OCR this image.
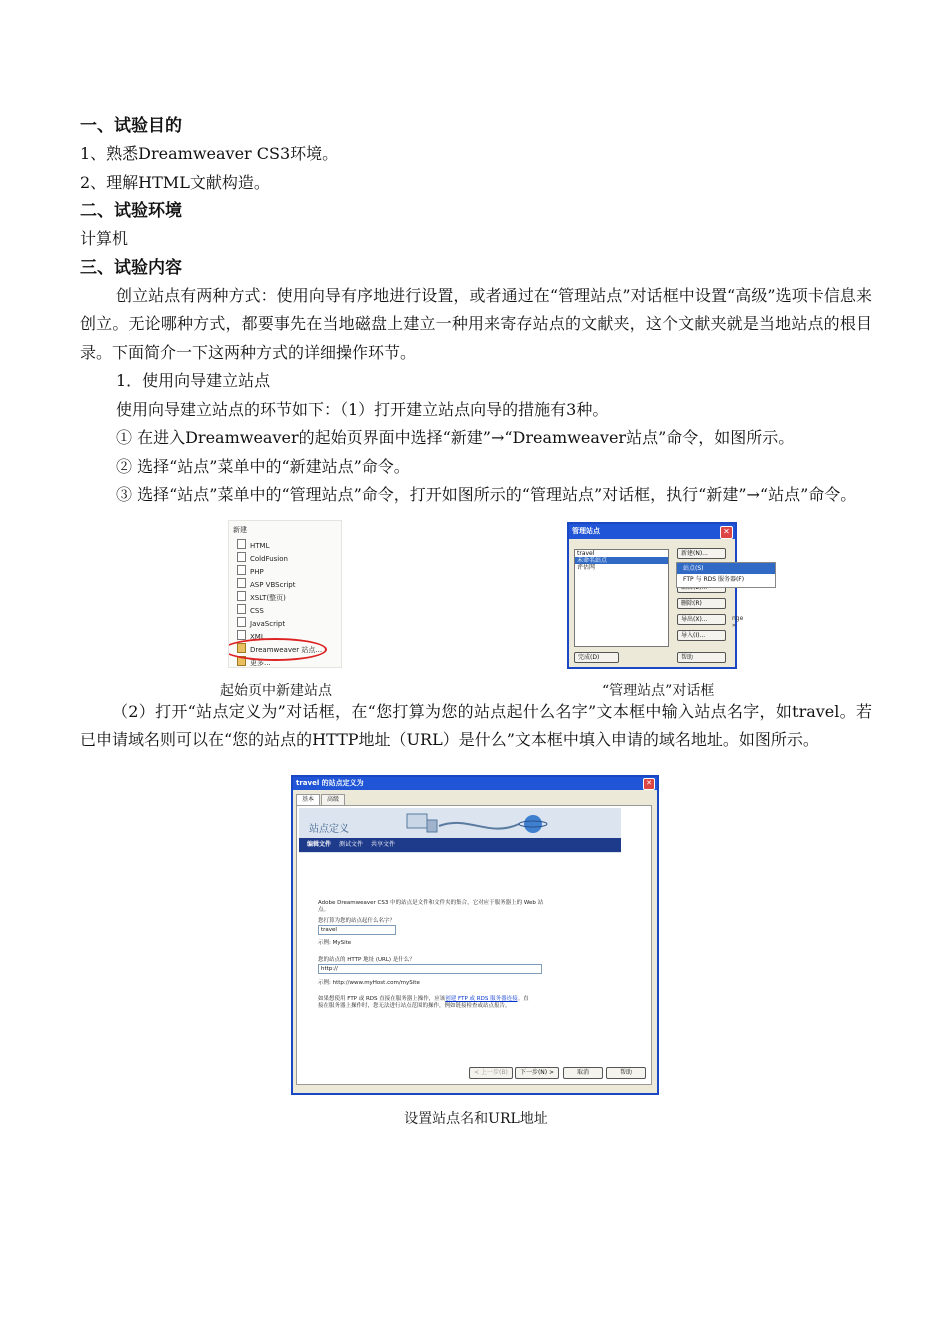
一、试验目的

1、熟悉Dreamweaver CS3环境。

2、理解HTML文献构造。

二、试验环境

计算机

三、试验内容

创立站点有两种方式：使用向导有序地进行设置，或者通过在“管理站点”对话框中设置“高级”选项卡信息来创立。无论哪种方式，都要事先在当地磁盘上建立一种用来寄存站点的文献夹，这个文献夹就是当地站点的根目录。下面简介一下这两种方式的详细操作环节。

1．使用向导建立站点

使用向导建立站点的环节如下：（1）打开建立站点向导的措施有3种。

① 在进入Dreamweaver的起始页界面中选择“新建”→“Dreamweaver站点”命令，如图所示。

② 选择“站点”菜单中的“新建站点”命令。

③ 选择“站点”菜单中的“管理站点”命令，打开如图所示的“管理站点”对话框，执行“新建”→“站点”命令。

新建
HTML
ColdFusion
PHP
ASP VBScript
XSLT(整页)
CSS
JavaScript
XML
Dreamweaver 站点...
更多...
起始页中新建站点
管理站点	✕
travel
未命名站点
评估网
新建(N)...
删除(R)
导出(X)...
导入(I)...
完成(D)	帮助
站点(S)
FTP 与 RDS 服务器(F)
nge »
“管理站点”对话框

（2）打开“站点定义为”对话框，在“您打算为您的站点起什么名字”文本框中输入站点名字，如travel。若已申请域名则可以在“您的站点的HTTP地址（URL）是什么”文本框中填入申请的域名地址。如图所示。

travel 的站点定义为	✕
基本 高级
站点定义
编辑文件 测试文件 共享文件
Adobe Dreamweaver CS3 中的站点是文件和文件夹的集合，它对应于服务器上的 Web 站
点。
您打算为您的站点起什么名字？
travel
示例: MySite
您的站点的 HTTP 地址 (URL) 是什么？
http://
示例: http://www.myHost.com/mySite
如果想使用 FTP 或 RDS 直接在服务器上操作，应该创建 FTP 或 RDS 服务器连接。直
接在服务器上操作时，您无法进行站点范围的操作，例如链接检查或站点报告。
< 上一步(B)	下一步(N) >	取消	帮助
设置站点名和URL地址
